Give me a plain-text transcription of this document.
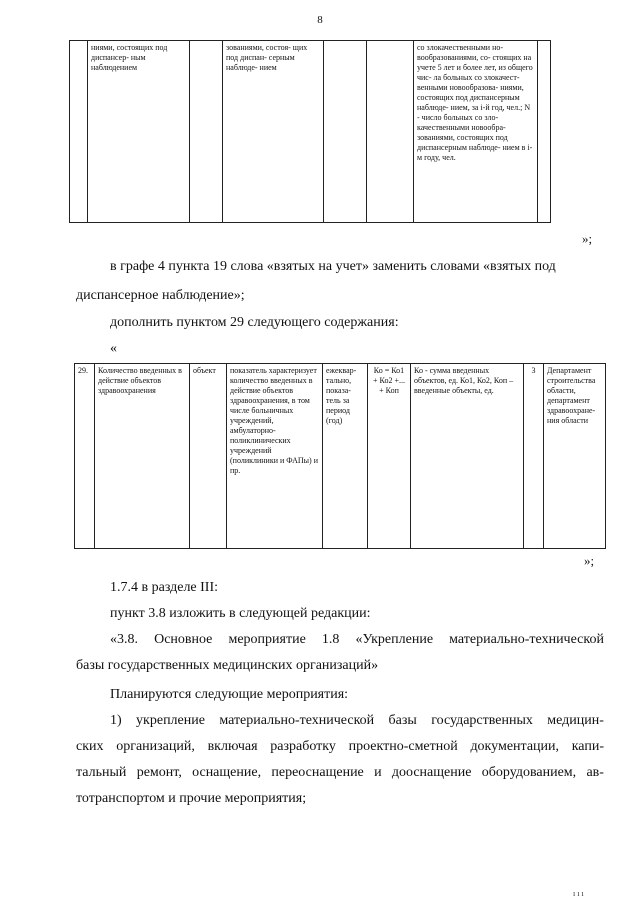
8
	ниями, состоящих под диспансер- ным наблюдением		зованиями, состоя- щих под диспан- серным наблюде- нием			со злокачественными но- вообразованиями, со- стоящих на учете 5 лет и более лет, из общего чис- ла больных со злокачест- венными новообразова- ниями, состоящих под диспансерным наблюде- нием, за i-й год, чел.; N - число больных со зло- качественными новообра- зованиями, состоящих под диспансерным наблюде- нием в i-м году, чел.	
»;
в графе 4 пункта 19 слова «взятых на учет» заменить словами «взятых под
диспансерное наблюдение»;
дополнить пунктом 29 следующего содержания:
«
29.	Количество введенных в действие объектов здравоохранения	объект	показатель характеризует количество введенных в действие объектов здравоохранения, в том числе больничных учреждений, амбулаторно- поликлинических учреждений (поликлиники и ФАПы) и пр.	ежеквар- тально, показа- тель за период (год)	Ко = Ко1 + Ко2 +... + Коп	Ко - сумма введенных объектов, ед. Ко1, Ко2, Коп – введенные объекты, ед.	3	Департамент строительства области, департамент здравоохране- ния области
»;
1.7.4 в разделе III:
пункт 3.8 изложить в следующей редакции:
«3.8. Основное мероприятие 1.8 «Укрепление материально-технической
базы государственных медицинских организаций»
Планируются следующие мероприятия:
1) укрепление материально-технической базы государственных медицин-
ских организаций, включая разработку проектно-сметной документации, капи-
тальный ремонт, оснащение, переоснащение и дооснащение оборудованием, ав-
тотранспортом и прочие мероприятия;
ı ı ı
